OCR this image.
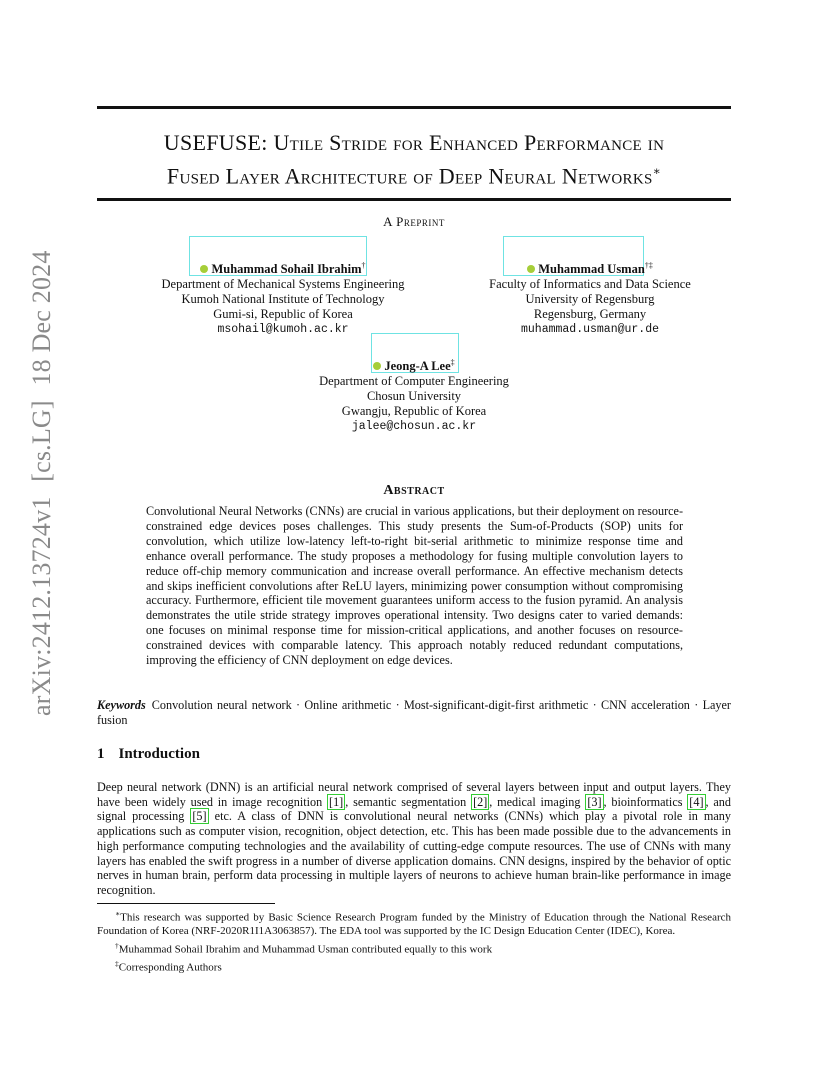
arXiv:2412.13724v1 [cs.LG] 18 Dec 2024
USEFUSE: Utile Stride for Enhanced Performance in
Fused Layer Architecture of Deep Neural Networks∗
A Preprint
Muhammad Sohail Ibrahim†
Department of Mechanical Systems Engineering
Kumoh National Institute of Technology
Gumi-si, Republic of Korea
msohail@kumoh.ac.kr
Muhammad Usman†‡
Faculty of Informatics and Data Science
University of Regensburg
Regensburg, Germany
muhammad.usman@ur.de
Jeong-A Lee‡
Department of Computer Engineering
Chosun University
Gwangju, Republic of Korea
jalee@chosun.ac.kr
Abstract
Convolutional Neural Networks (CNNs) are crucial in various applications, but their deployment on resource-constrained edge devices poses challenges. This study presents the Sum-of-Products (SOP) units for convolution, which utilize low-latency left-to-right bit-serial arithmetic to minimize response time and enhance overall performance. The study proposes a methodology for fusing multiple convolution layers to reduce off-chip memory communication and increase overall performance. An effective mechanism detects and skips inefficient convolutions after ReLU layers, minimizing power consumption without compromising accuracy. Furthermore, efficient tile movement guarantees uniform access to the fusion pyramid. An analysis demonstrates the utile stride strategy improves operational intensity. Two designs cater to varied demands: one focuses on minimal response time for mission-critical applications, and another focuses on resource-constrained devices with comparable latency. This approach notably reduced redundant computations, improving the efficiency of CNN deployment on edge devices.
Keywords Convolution neural network · Online arithmetic · Most-significant-digit-first arithmetic · CNN acceleration · Layer fusion
1 Introduction
Deep neural network (DNN) is an artificial neural network comprised of several layers between input and output layers. They have been widely used in image recognition [1] , semantic segmentation [2] , medical imaging [3] , bioinformatics [4] , and signal processing [5] etc. A class of DNN is convolutional neural networks (CNNs) which play a pivotal role in many applications such as computer vision, recognition, object detection, etc. This has been made possible due to the advancements in high performance computing technologies and the availability of cutting-edge compute resources. The use of CNNs with many layers has enabled the swift progress in a number of diverse application domains. CNN designs, inspired by the behavior of optic nerves in human brain, perform data processing in multiple layers of neurons to achieve human brain-like performance in image recognition.

∗This research was supported by Basic Science Research Program funded by the Ministry of Education through the National Research Foundation of Korea (NRF-2020R1I1A3063857). The EDA tool was supported by the IC Design Education Center (IDEC), Korea.

†Muhammad Sohail Ibrahim and Muhammad Usman contributed equally to this work

‡Corresponding Authors
